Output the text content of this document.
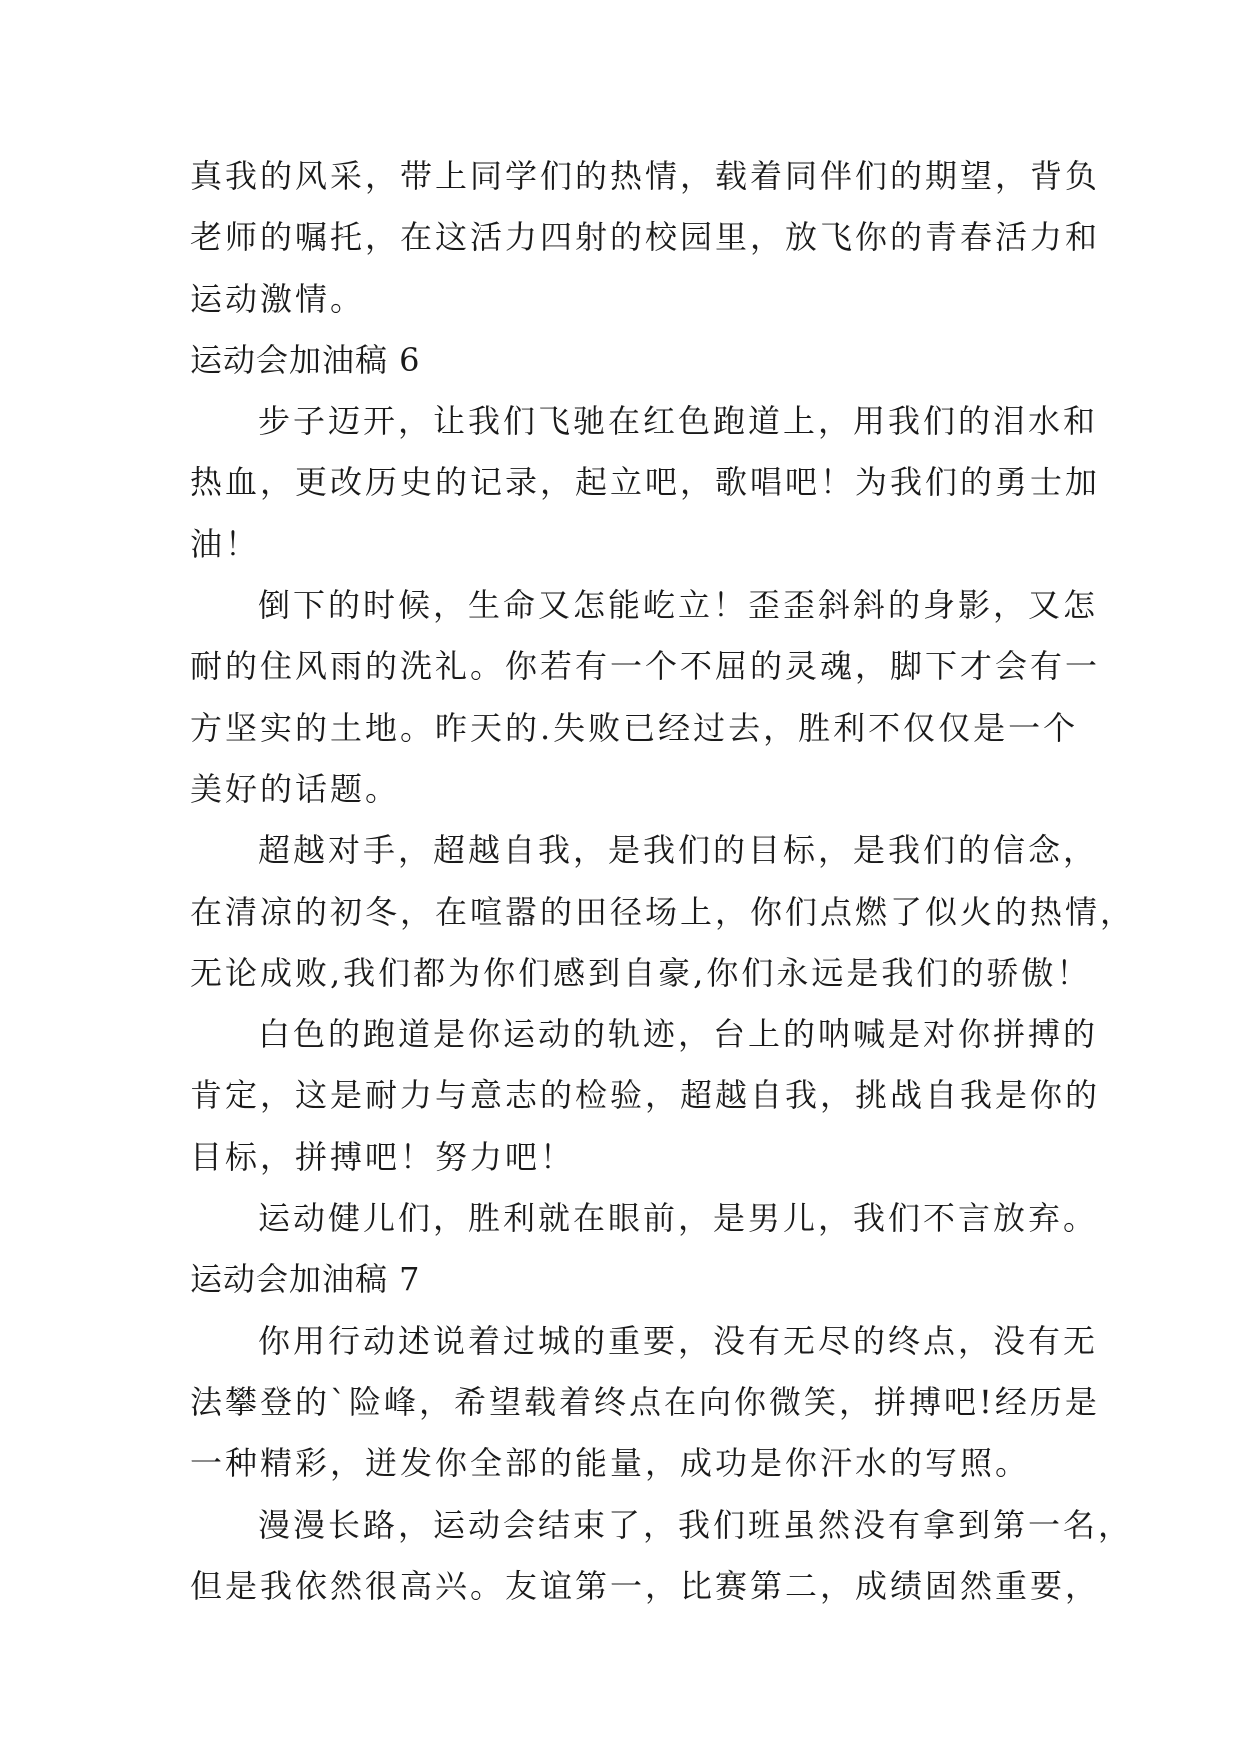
真我的风采，带上同学们的热情，载着同伴们的期望，背负
老师的嘱托，在这活力四射的校园里，放飞你的青春活力和
运动激情。
运动会加油稿 6
步子迈开，让我们飞驰在红色跑道上，用我们的泪水和
热血，更改历史的记录，起立吧，歌唱吧！为我们的勇士加
油！
倒下的时候，生命又怎能屹立！歪歪斜斜的身影，又怎
耐的住风雨的洗礼。你若有一个不屈的灵魂，脚下才会有一
方坚实的土地。昨天的.失败已经过去，胜利不仅仅是一个
美好的话题。
超越对手，超越自我，是我们的目标，是我们的信念，
在清凉的初冬，在喧嚣的田径场上，你们点燃了似火的热情，
无论成败,我们都为你们感到自豪,你们永远是我们的骄傲！
白色的跑道是你运动的轨迹，台上的呐喊是对你拼搏的
肯定，这是耐力与意志的检验，超越自我，挑战自我是你的
目标，拼搏吧！努力吧！
运动健儿们，胜利就在眼前，是男儿，我们不言放弃。
运动会加油稿 7
你用行动述说着过城的重要，没有无尽的终点，没有无
法攀登的`险峰，希望载着终点在向你微笑，拼搏吧!经历是
一种精彩，迸发你全部的能量，成功是你汗水的写照。
漫漫长路，运动会结束了，我们班虽然没有拿到第一名，
但是我依然很高兴。友谊第一，比赛第二，成绩固然重要，
